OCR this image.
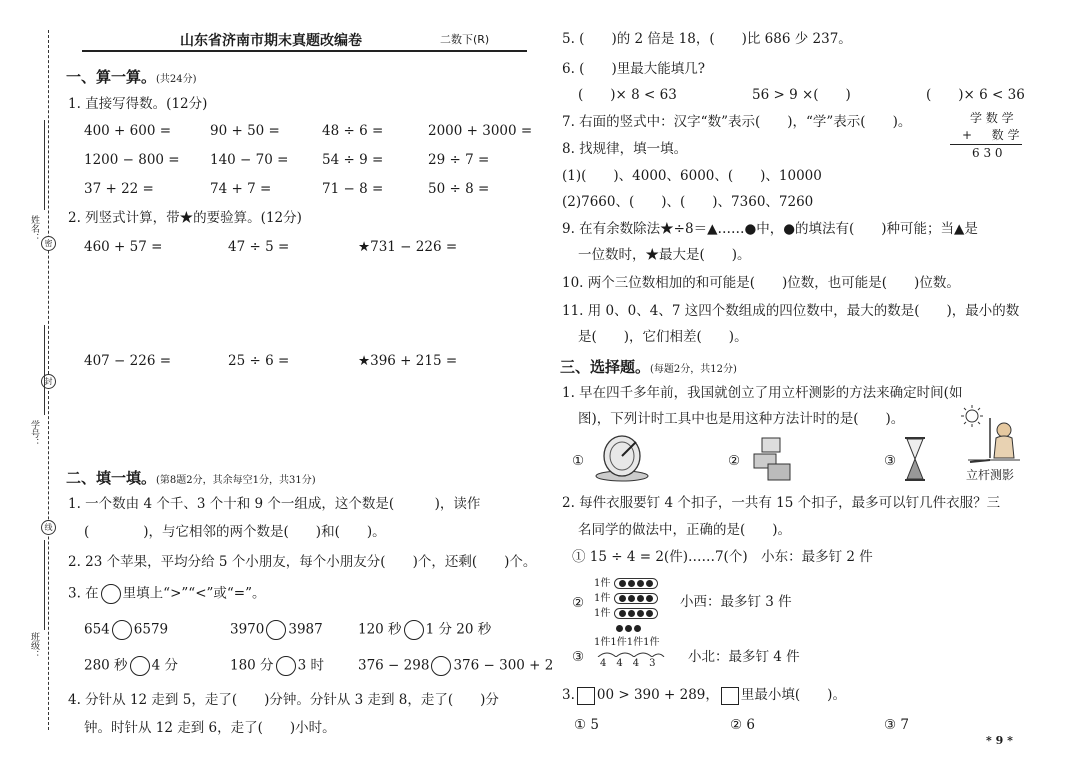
密
封
线
姓名：
学号：
班级：
山东省济南市期末真题改编卷	二数下(R)
一、算一算。(共24分)
1. 直接写得数。(12分)
400 + 600 =	90 + 50 =	48 ÷ 6 =	2000 + 3000 =
1200 − 800 = 140 − 70 = 54 ÷ 9 =	29 ÷ 7 =
37 + 22 =	74 + 7 =	71 − 8 =	50 ÷ 8 =
2. 列竖式计算，带★的要验算。(12分)
460 + 57 =	47 ÷ 5 =	★731 − 226 =
407 − 226 =	25 ÷ 6 =	★396 + 215 =
二、填一填。(第8题2分，其余每空1分，共31分)
1. 一个数由 4 个千、3 个十和 9 个一组成，这个数是(　　　)，读作
(　　　　)，与它相邻的两个数是(　　)和(　　)。
2. 23 个苹果，平均分给 5 个小朋友，每个小朋友分(　　)个，还剩(　　)个。
3. 在 里填上“>”“<”或“=”。
654 6579	3970 3987	120 秒 1 分 20 秒
280 秒 4 分	180 分 3 时	376 − 298 376 − 300 + 2
4. 分针从 12 走到 5，走了(　　)分钟。分针从 3 走到 8，走了(　　)分
钟。时针从 12 走到 6，走了(　　)小时。
5. (　　)的 2 倍是 18，(　　)比 686 少 237。
6. (　　)里最大能填几?
(　　)× 8 < 63	56 > 9 ×(　　)	(　　)× 6 < 36
7. 右面的竖式中：汉字“数”表示(　　)，“学”表示(　　)。	学 数 学
+ 　 数 学
6 3 0
8. 找规律，填一填。
(1)(　　)、4000、6000、(　　)、10000
(2)7660、(　　)、(　　)、7360、7260
9. 在有余数除法★÷8＝▲……●中，●的填法有(　　)种可能；当▲是
一位数时，★最大是(　　)。
10. 两个三位数相加的和可能是(　　)位数，也可能是(　　)位数。
11. 用 0、0、4、7 这四个数组成的四位数中，最大的数是(　　)，最小的数
是(　　)，它们相差(　　)。
三、选择题。(每题2分，共12分)
1. 早在四千多年前，我国就创立了用立杆测影的方法来确定时间(如
图)，下列计时工具中也是用这种方法计时的是(　　)。
①	②	③
立杆测影
2. 每件衣服要钉 4 个扣子，一共有 15 个扣子，最多可以钉几件衣服？三
名同学的做法中，正确的是(　　)。
① 15 ÷ 4 = 2(件)……7(个)　小东：最多钉 2 件
②
1件
1件
1件
小西：最多钉 3 件
③
1件1件1件1件
4　4　4　3	小北：最多钉 4 件
3. 00 > 390 + 289， 里最小填(　　)。
① 5	② 6	③ 7
* 9 *
